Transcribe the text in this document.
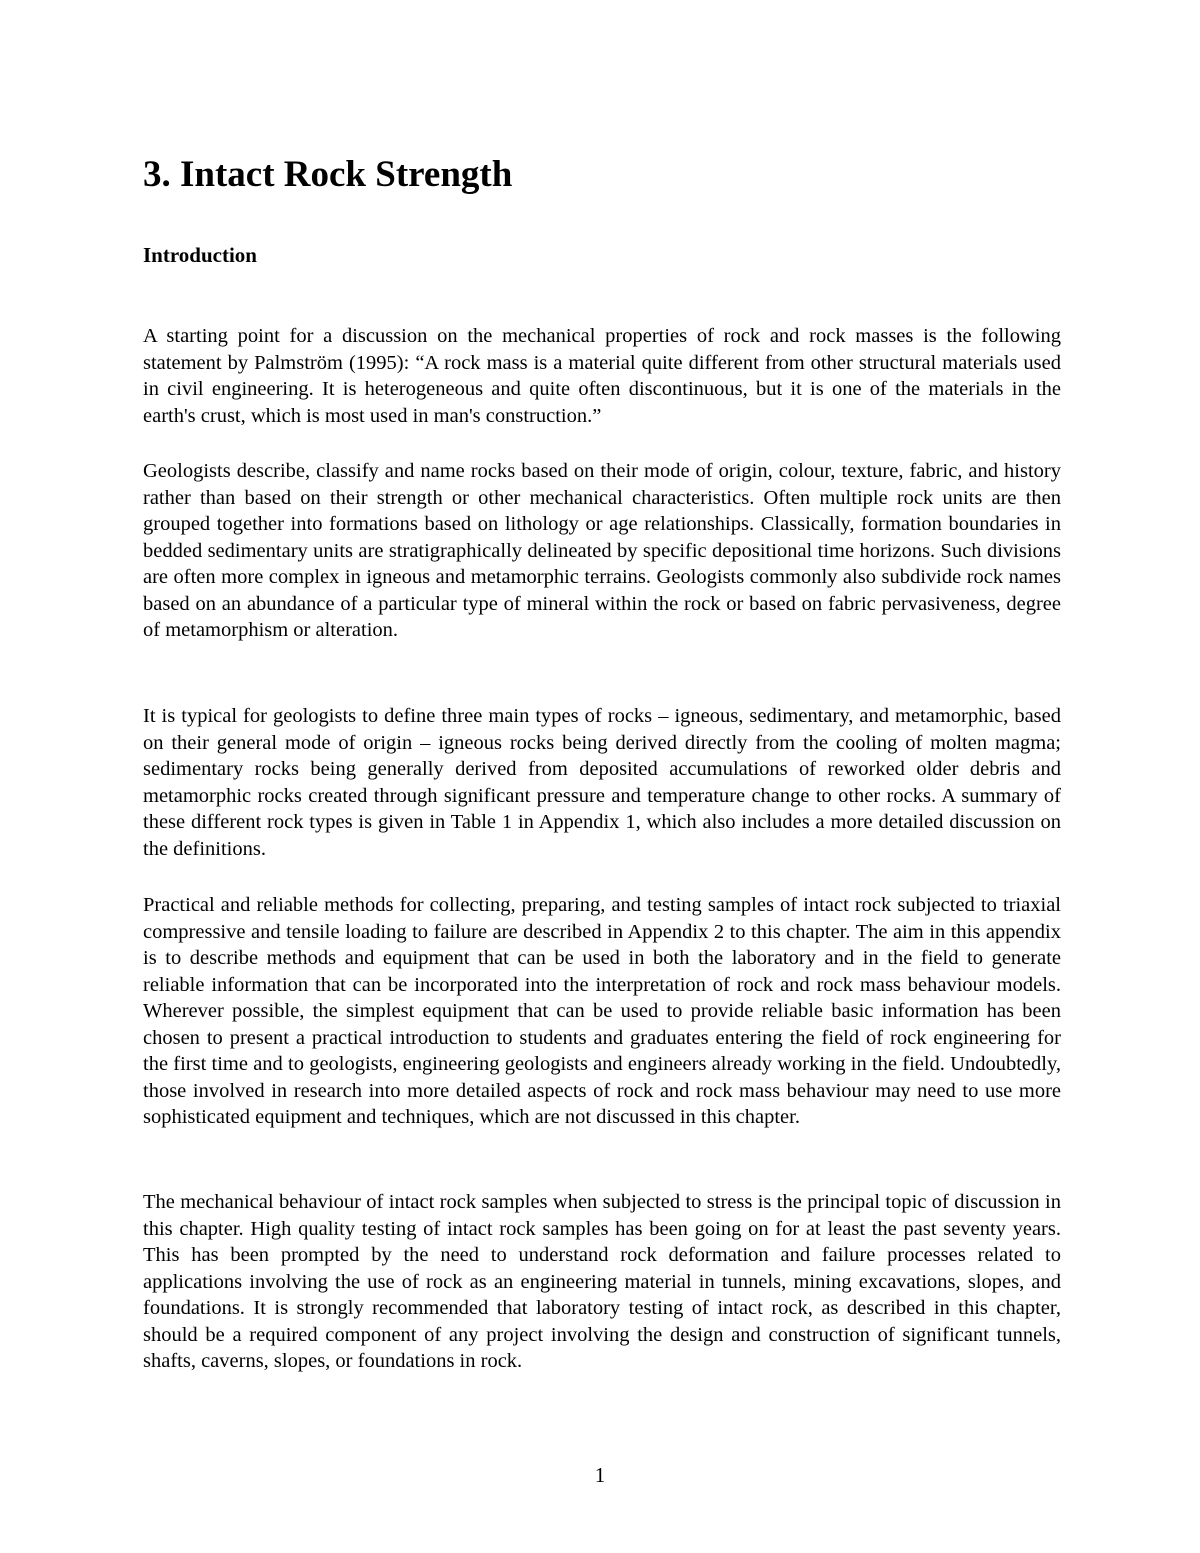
3. Intact Rock Strength
Introduction

A starting point for a discussion on the mechanical properties of rock and rock masses is the following statement by Palmström (1995): “A rock mass is a material quite different from other structural materials used in civil engineering. It is heterogeneous and quite often discontinuous, but it is one of the materials in the earth's crust, which is most used in man's construction.”

Geologists describe, classify and name rocks based on their mode of origin, colour, texture, fabric, and history rather than based on their strength or other mechanical characteristics. Often multiple rock units are then grouped together into formations based on lithology or age relationships. Classically, formation boundaries in bedded sedimentary units are stratigraphically delineated by specific depositional time horizons. Such divisions are often more complex in igneous and metamorphic terrains. Geologists commonly also subdivide rock names based on an abundance of a particular type of mineral within the rock or based on fabric pervasiveness, degree of metamorphism or alteration.

It is typical for geologists to define three main types of rocks – igneous, sedimentary, and metamorphic, based on their general mode of origin – igneous rocks being derived directly from the cooling of molten magma; sedimentary rocks being generally derived from deposited accumulations of reworked older debris and metamorphic rocks created through significant pressure and temperature change to other rocks. A summary of these different rock types is given in Table 1 in Appendix 1, which also includes a more detailed discussion on the definitions.

Practical and reliable methods for collecting, preparing, and testing samples of intact rock subjected to triaxial compressive and tensile loading to failure are described in Appendix 2 to this chapter. The aim in this appendix is to describe methods and equipment that can be used in both the laboratory and in the field to generate reliable information that can be incorporated into the interpretation of rock and rock mass behaviour models. Wherever possible, the simplest equipment that can be used to provide reliable basic information has been chosen to present a practical introduction to students and graduates entering the field of rock engineering for the first time and to geologists, engineering geologists and engineers already working in the field. Undoubtedly, those involved in research into more detailed aspects of rock and rock mass behaviour may need to use more sophisticated equipment and techniques, which are not discussed in this chapter.

The mechanical behaviour of intact rock samples when subjected to stress is the principal topic of discussion in this chapter. High quality testing of intact rock samples has been going on for at least the past seventy years. This has been prompted by the need to understand rock deformation and failure processes related to applications involving the use of rock as an engineering material in tunnels, mining excavations, slopes, and foundations. It is strongly recommended that laboratory testing of intact rock, as described in this chapter, should be a required component of any project involving the design and construction of significant tunnels, shafts, caverns, slopes, or foundations in rock.

1
